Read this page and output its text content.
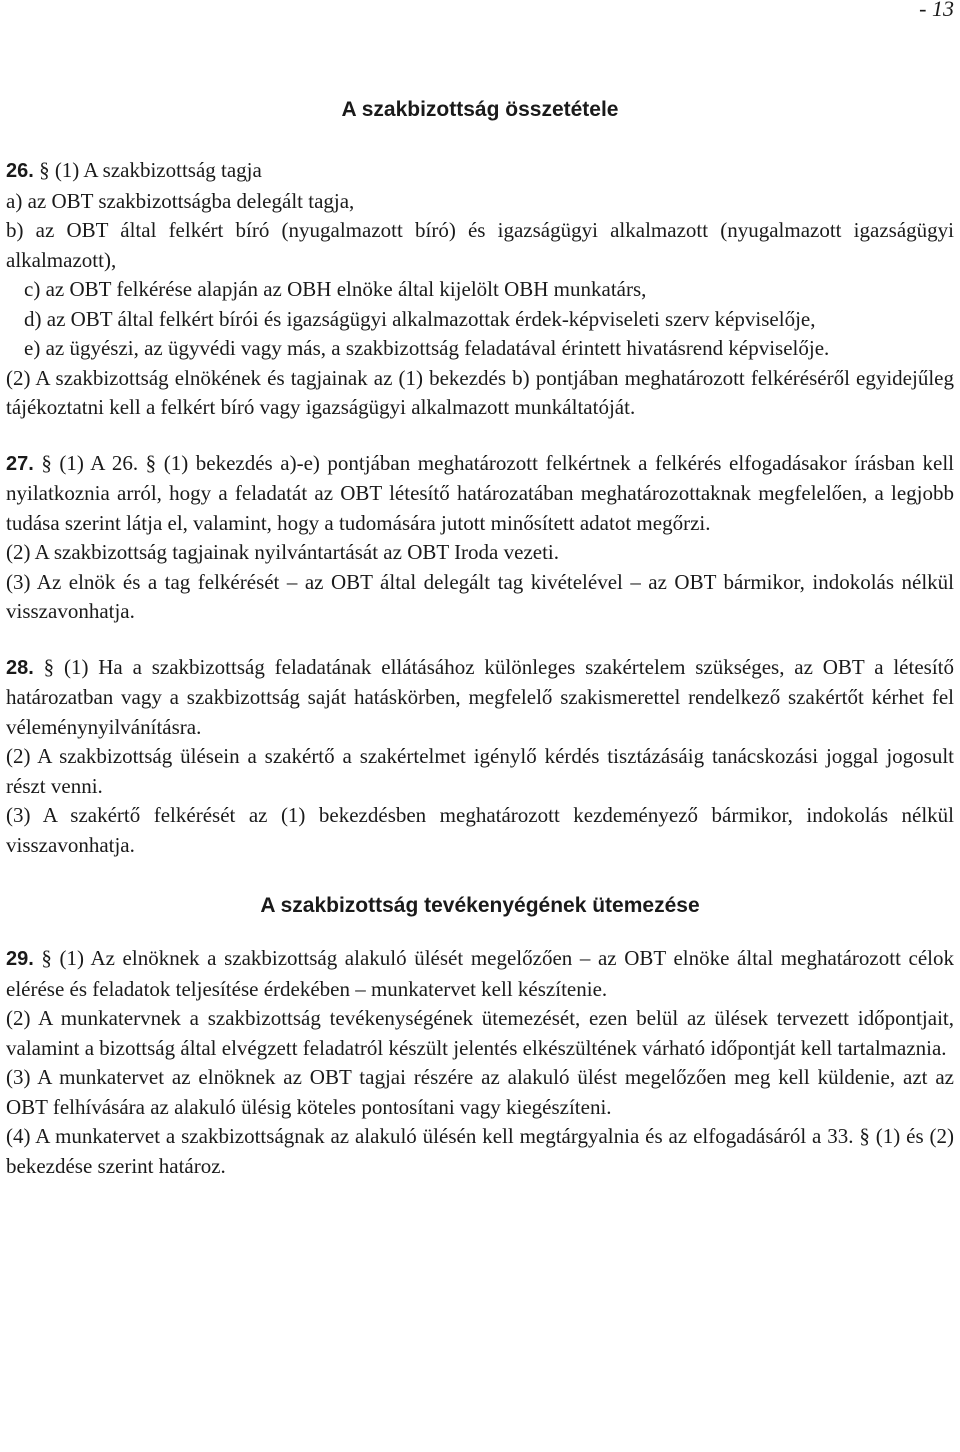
- 13
A szakbizottság összetétele

26. § (1) A szakbizottság tagja

a) az OBT szakbizottságba delegált tagja,

b) az OBT által felkért bíró (nyugalmazott bíró) és igazságügyi alkalmazott (nyugalmazott igazságügyi alkalmazott),

c) az OBT felkérése alapján az OBH elnöke által kijelölt OBH munkatárs,

d) az OBT által felkért bírói és igazságügyi alkalmazottak érdek-képviseleti szerv képviselője,

e) az ügyészi, az ügyvédi vagy más, a szakbizottság feladatával érintett hivatásrend képviselője.

(2) A szakbizottság elnökének és tagjainak az (1) bekezdés b) pontjában meghatározott felkéréséről egyidejűleg tájékoztatni kell a felkért bíró vagy igazságügyi alkalmazott munkáltatóját.

27. § (1) A 26. § (1) bekezdés a)-e) pontjában meghatározott felkértnek a felkérés elfogadásakor írásban kell nyilatkoznia arról, hogy a feladatát az OBT létesítő határozatában meghatározottaknak megfelelően, a legjobb tudása szerint látja el, valamint, hogy a tudomására jutott minősített adatot megőrzi.

(2) A szakbizottság tagjainak nyilvántartását az OBT Iroda vezeti.

(3) Az elnök és a tag felkérését – az OBT által delegált tag kivételével – az OBT bármikor, indokolás nélkül visszavonhatja.

28. § (1) Ha a szakbizottság feladatának ellátásához különleges szakértelem szükséges, az OBT a létesítő határozatban vagy a szakbizottság saját hatáskörben, megfelelő szakismerettel rendelkező szakértőt kérhet fel véleménynyilvánításra.

(2) A szakbizottság ülésein a szakértő a szakértelmet igénylő kérdés tisztázásáig tanácskozási joggal jogosult részt venni.

(3) A szakértő felkérését az (1) bekezdésben meghatározott kezdeményező bármikor, indokolás nélkül visszavonhatja.

A szakbizottság tevékenyégének ütemezése

29. § (1) Az elnöknek a szakbizottság alakuló ülését megelőzően – az OBT elnöke által meghatározott célok elérése és feladatok teljesítése érdekében – munkatervet kell készítenie.

(2) A munkatervnek a szakbizottság tevékenységének ütemezését, ezen belül az ülések tervezett időpontjait, valamint a bizottság által elvégzett feladatról készült jelentés elkészültének várható időpontját kell tartalmaznia.

(3) A munkatervet az elnöknek az OBT tagjai részére az alakuló ülést megelőzően meg kell küldenie, azt az OBT felhívására az alakuló ülésig köteles pontosítani vagy kiegészíteni.

(4) A munkatervet a szakbizottságnak az alakuló ülésén kell megtárgyalnia és az elfogadásáról a 33. § (1) és (2) bekezdése szerint határoz.
